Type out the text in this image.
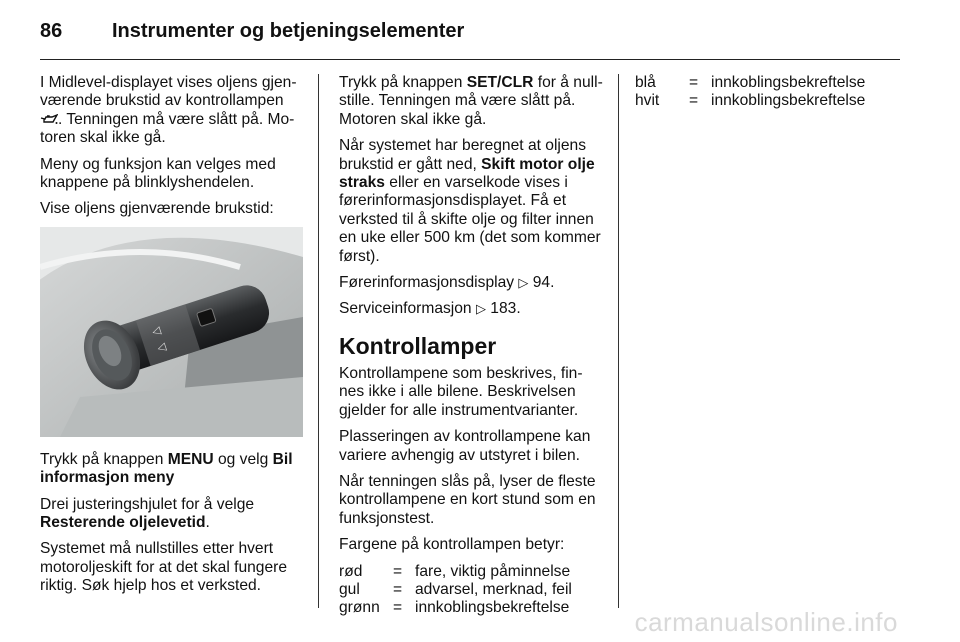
86	Instrumenter og betjeningselementer

I Midlevel-displayet vises oljens gjen-værende brukstid av kontrollampen . Tenningen må være slått på. Mo-toren skal ikke gå.

Meny og funksjon kan velges med knappene på blinklyshendelen.

Vise oljens gjenværende brukstid:

◁
◁

Trykk på knappen MENU og velg Bil informasjon meny

Drei justeringshjulet for å velge Resterende oljelevetid.

Systemet må nullstilles etter hvert motoroljeskift for at det skal fungere riktig. Søk hjelp hos et verksted.

Trykk på knappen SET/CLR for å null-stille. Tenningen må være slått på. Motoren skal ikke gå.

Når systemet har beregnet at oljens brukstid er gått ned, Skift motor olje straks eller en varselkode vises i førerinformasjonsdisplayet. Få et verksted til å skifte olje og filter innen en uke eller 500 km (det som kommer først).

Førerinformasjonsdisplay ▷ 94.

Serviceinformasjon ▷ 183.

Kontrollamper

Kontrollampene som beskrives, fin-nes ikke i alle bilene. Beskrivelsen gjelder for alle instrumentvarianter.

Plasseringen av kontrollampene kan variere avhengig av utstyret i bilen.

Når tenningen slås på, lyser de fleste kontrollampene en kort stund som en funksjonstest.

Fargene på kontrollampen betyr:

rød	=	fare, viktig påminnelse
gul	=	advarsel, merknad, feil
grønn	=	innkoblingsbekreftelse
blå	=	innkoblingsbekreftelse
hvit	=	innkoblingsbekreftelse
carmanualsonline.info
